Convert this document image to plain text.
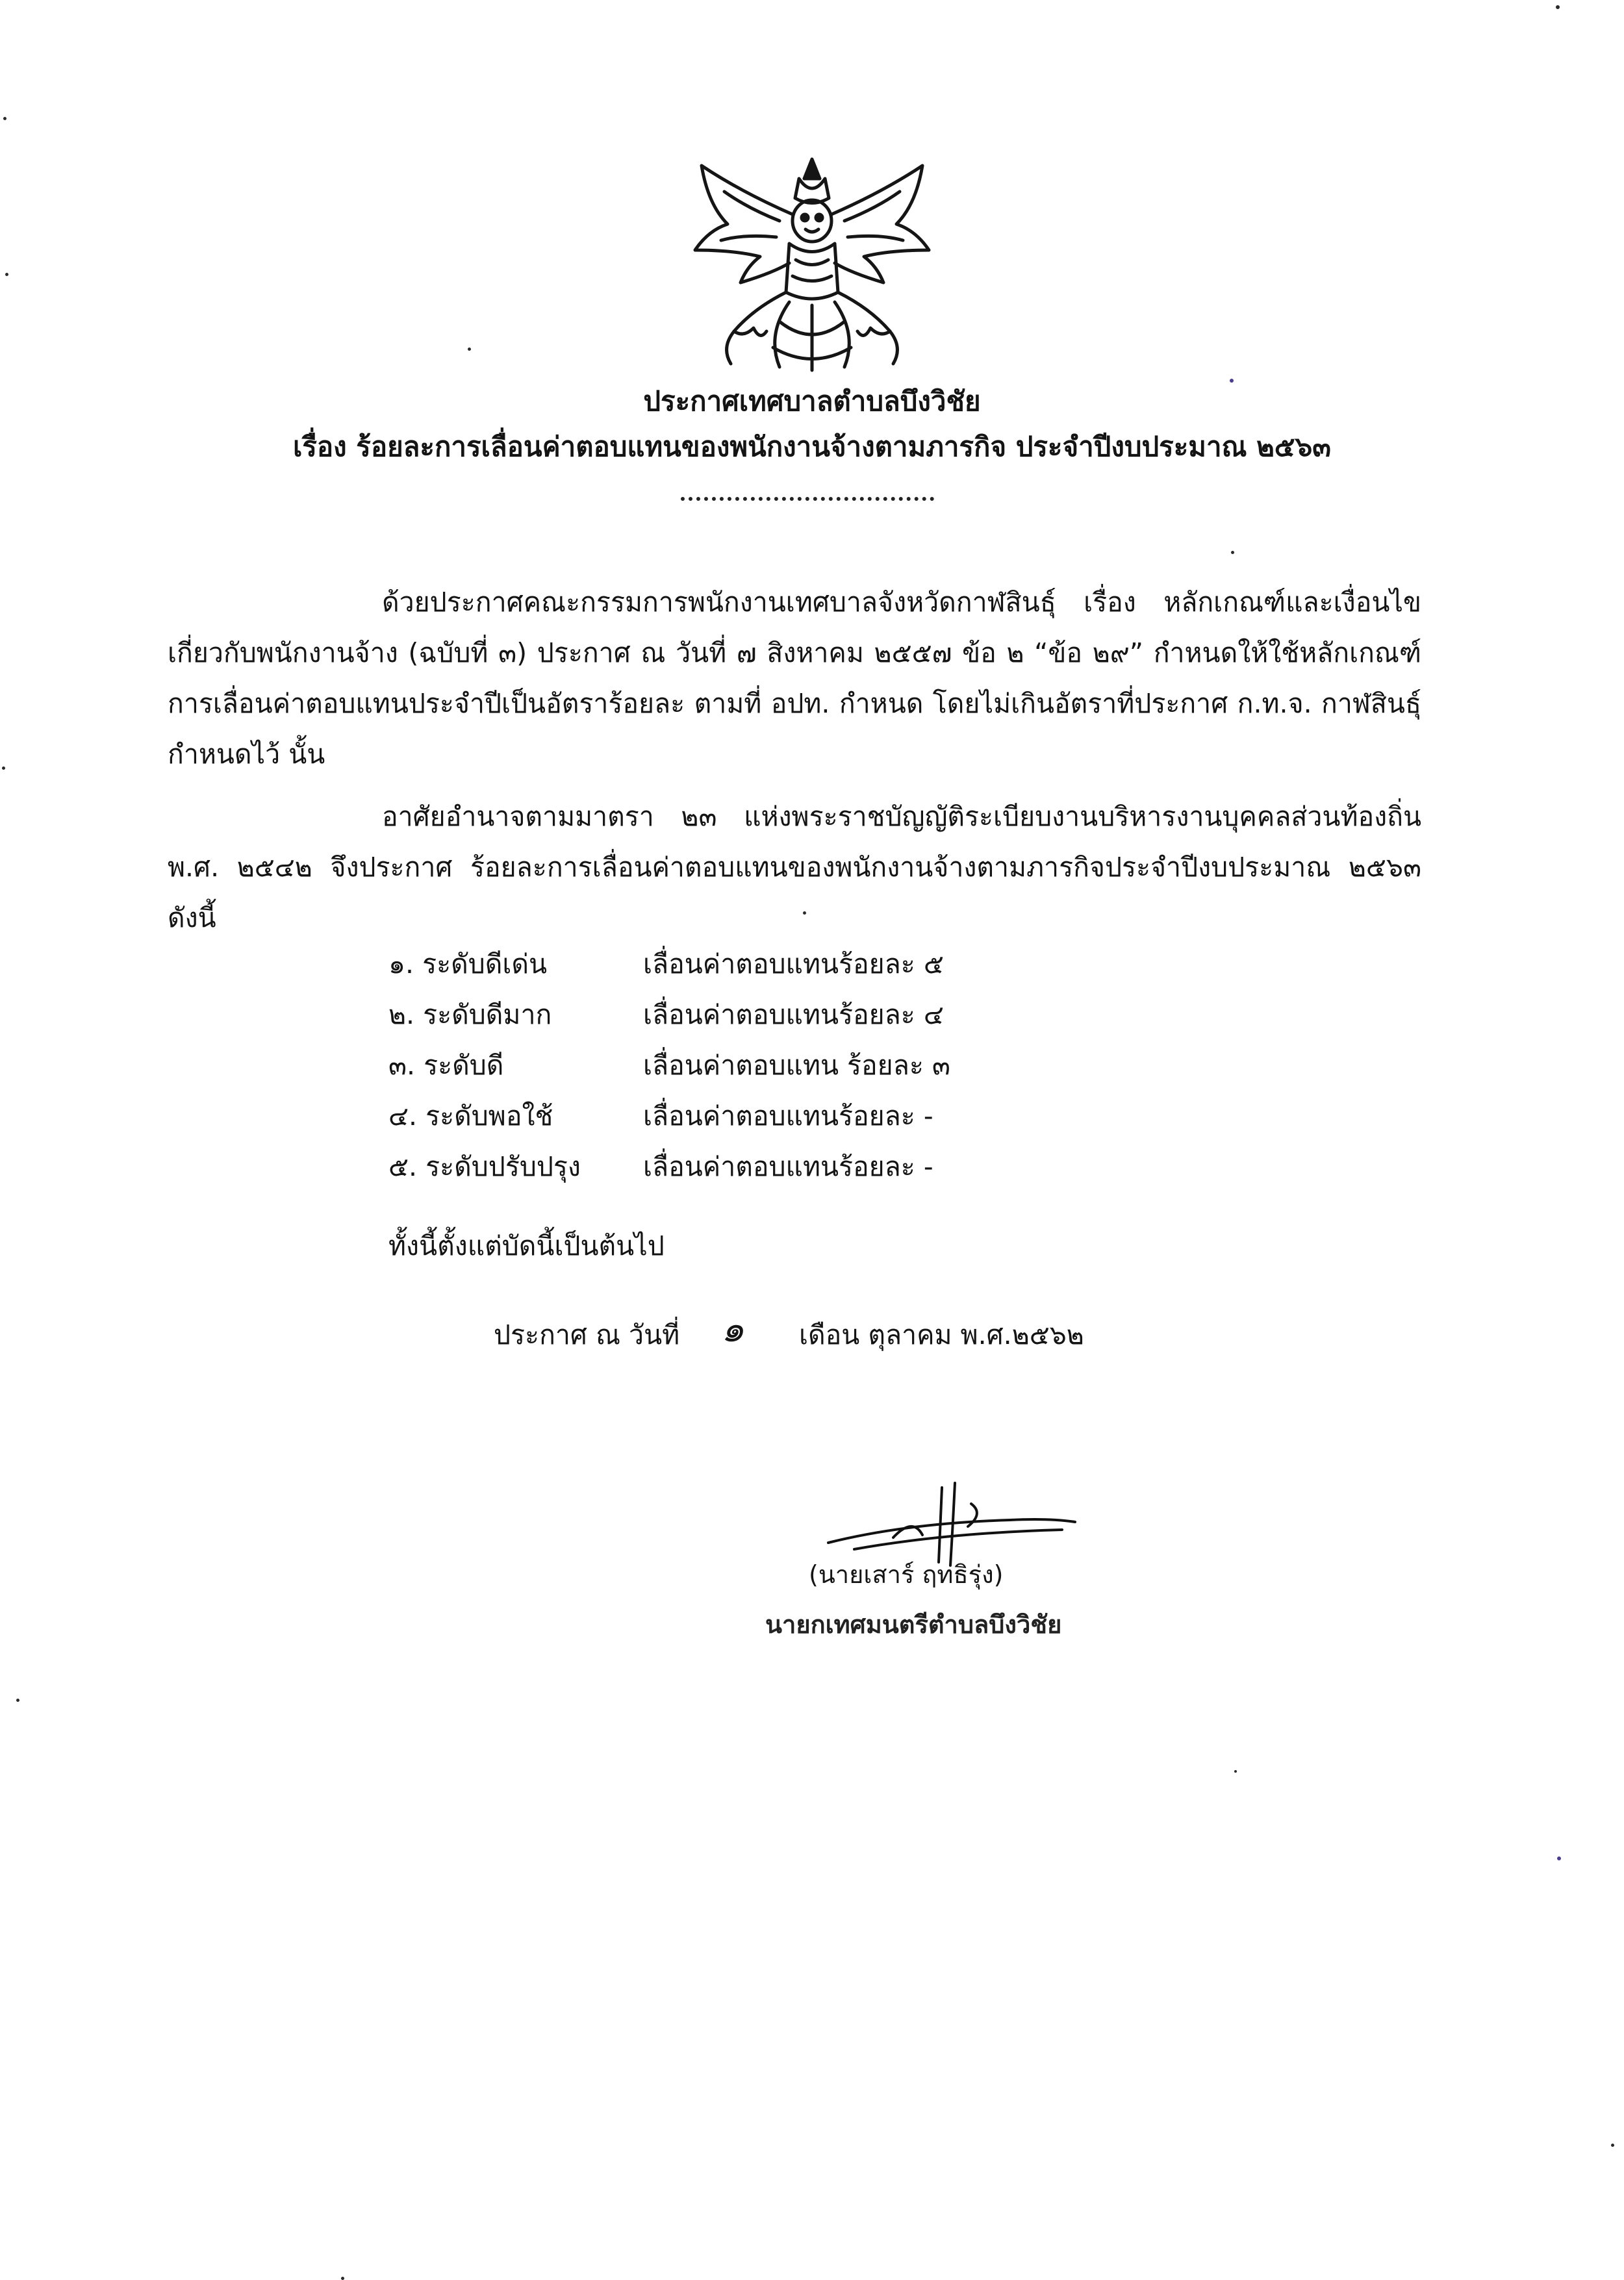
ประกาศเทศบาลตำบลบึงวิชัย
เรื่อง ร้อยละการเลื่อนค่าตอบแทนของพนักงานจ้างตามภารกิจ ประจำปีงบประมาณ ๒๕๖๓
ด้วยประกาศคณะกรรมการพนักงานเทศบาลจังหวัดกาฬสินธุ์ เรื่อง หลักเกณฑ์และเงื่อนไขเกี่ยวกับพนักงานจ้าง (ฉบับที่ ๓) ประกาศ ณ วันที่ ๗ สิงหาคม ๒๕๕๗ ข้อ ๒ “ข้อ ๒๙” กำหนดให้ใช้หลักเกณฑ์การเลื่อนค่าตอบแทนประจำปีเป็นอัตราร้อยละ ตามที่ อปท. กำหนด โดยไม่เกินอัตราที่ประกาศ ก.ท.จ. กาฬสินธุ์ กำหนดไว้ นั้น
อาศัยอำนาจตามมาตรา ๒๓ แห่งพระราชบัญญัติระเบียบงานบริหารงานบุคคลส่วนท้องถิ่น พ.ศ. ๒๕๔๒ จึงประกาศ ร้อยละการเลื่อนค่าตอบแทนของพนักงานจ้างตามภารกิจประจำปีงบประมาณ ๒๕๖๓ ดังนี้
๑. ระดับดีเด่น	เลื่อนค่าตอบแทนร้อยละ ๕
๒. ระดับดีมาก	เลื่อนค่าตอบแทนร้อยละ ๔
๓. ระดับดี	เลื่อนค่าตอบแทน ร้อยละ ๓
๔. ระดับพอใช้	เลื่อนค่าตอบแทนร้อยละ -
๕. ระดับปรับปรุง	เลื่อนค่าตอบแทนร้อยละ -
ทั้งนี้ตั้งแต่บัดนี้เป็นต้นไป
ประกาศ ณ วันที่ ๑ เดือน ตุลาคม พ.ศ.๒๕๖๒
(นายเสาร์ ฤทธิรุ่ง)
นายกเทศมนตรีตำบลบึงวิชัย
